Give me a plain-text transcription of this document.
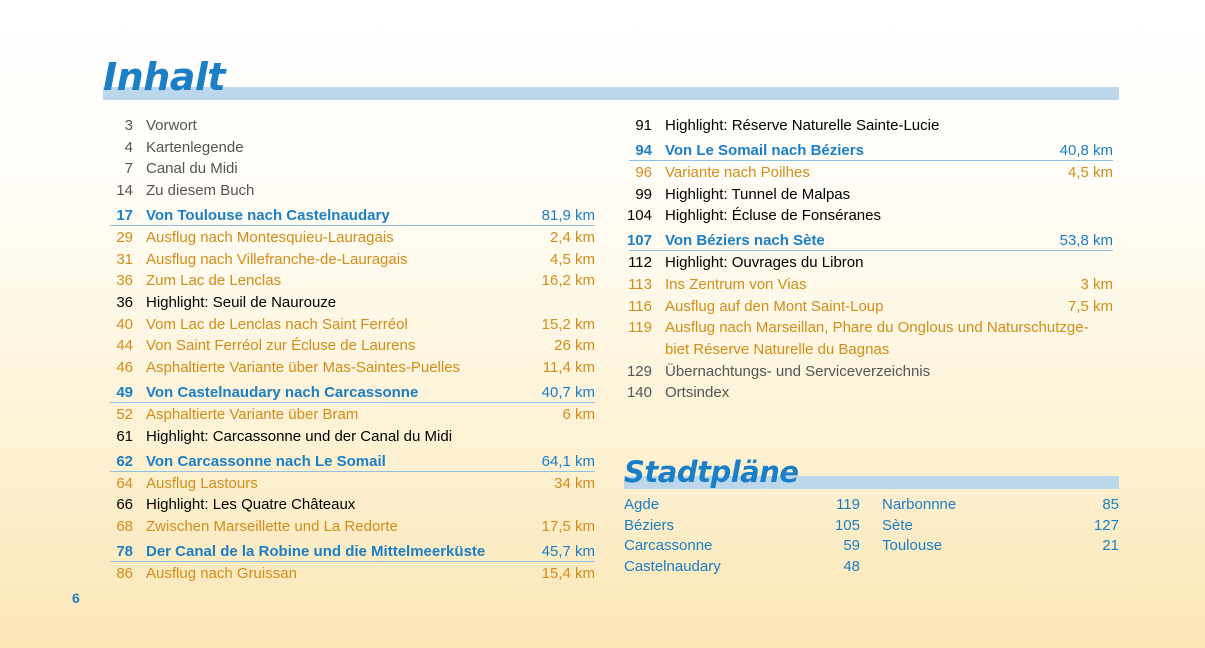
Inhalt
3 Vorwort
4 Kartenlegende
7 Canal du Midi
14 Zu diesem Buch
17 Von Toulouse nach Castelnaudary	81,9 km
29 Ausflug nach Montesquieu-Lauragais	2,4 km
31 Ausflug nach Villefranche-de-Lauragais	4,5 km
36 Zum Lac de Lenclas	16,2 km
36 Highlight: Seuil de Naurouze
40 Vom Lac de Lenclas nach Saint Ferréol	15,2 km
44 Von Saint Ferréol zur Écluse de Laurens	26 km
46 Asphaltierte Variante über Mas-Saintes-Puelles	11,4 km
49 Von Castelnaudary nach Carcassonne	40,7 km
52 Asphaltierte Variante über Bram	6 km
61 Highlight: Carcassonne und der Canal du Midi
62 Von Carcassonne nach Le Somail	64,1 km
64 Ausflug Lastours	34 km
66 Highlight: Les Quatre Châteaux
68 Zwischen Marseillette und La Redorte	17,5 km
78 Der Canal de la Robine und die Mittelmeerküste	45,7 km
86 Ausflug nach Gruissan	15,4 km
91 Highlight: Réserve Naturelle Sainte-Lucie
94 Von Le Somail nach Béziers	40,8 km
96 Variante nach Poilhes	4,5 km
99 Highlight: Tunnel de Malpas
104 Highlight: Écluse de Fonséranes
107 Von Béziers nach Sète	53,8 km
112 Highlight: Ouvrages du Libron
113 Ins Zentrum von Vias	3 km
116 Ausflug auf den Mont Saint-Loup	7,5 km
119 Ausflug nach Marseillan, Phare du Onglous und Naturschutzge- biet Réserve Naturelle du Bagnas
129 Übernachtungs- und Serviceverzeichnis
140 Ortsindex
Stadtpläne
Agde	119
Béziers	105
Carcassonne	59
Castelnaudary	48
Narbonnne	85
Sète	127
Toulouse	21
6
